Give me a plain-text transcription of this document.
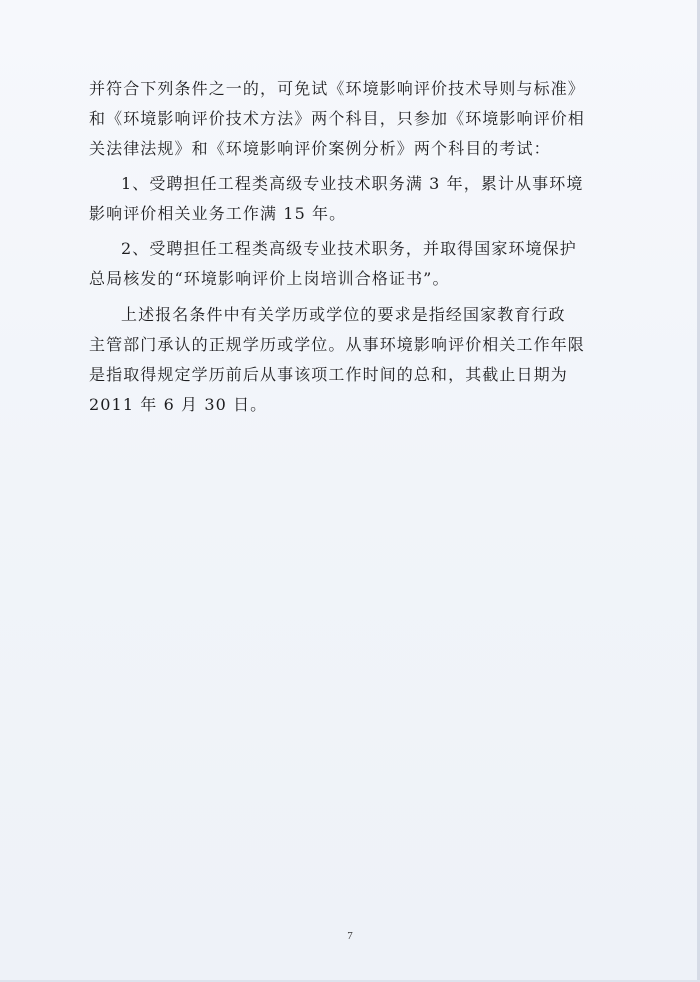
并符合下列条件之一的，可免试《环境影响评价技术导则与标准》
和《环境影响评价技术方法》两个科目，只参加《环境影响评价相
关法律法规》和《环境影响评价案例分析》两个科目的考试：

1、受聘担任工程类高级专业技术职务满 3 年，累计从事环境
影响评价相关业务工作满 15 年。

2、受聘担任工程类高级专业技术职务，并取得国家环境保护
总局核发的“环境影响评价上岗培训合格证书”。

上述报名条件中有关学历或学位的要求是指经国家教育行政
主管部门承认的正规学历或学位。从事环境影响评价相关工作年限
是指取得规定学历前后从事该项工作时间的总和，其截止日期为
2011 年 6 月 30 日。

7
